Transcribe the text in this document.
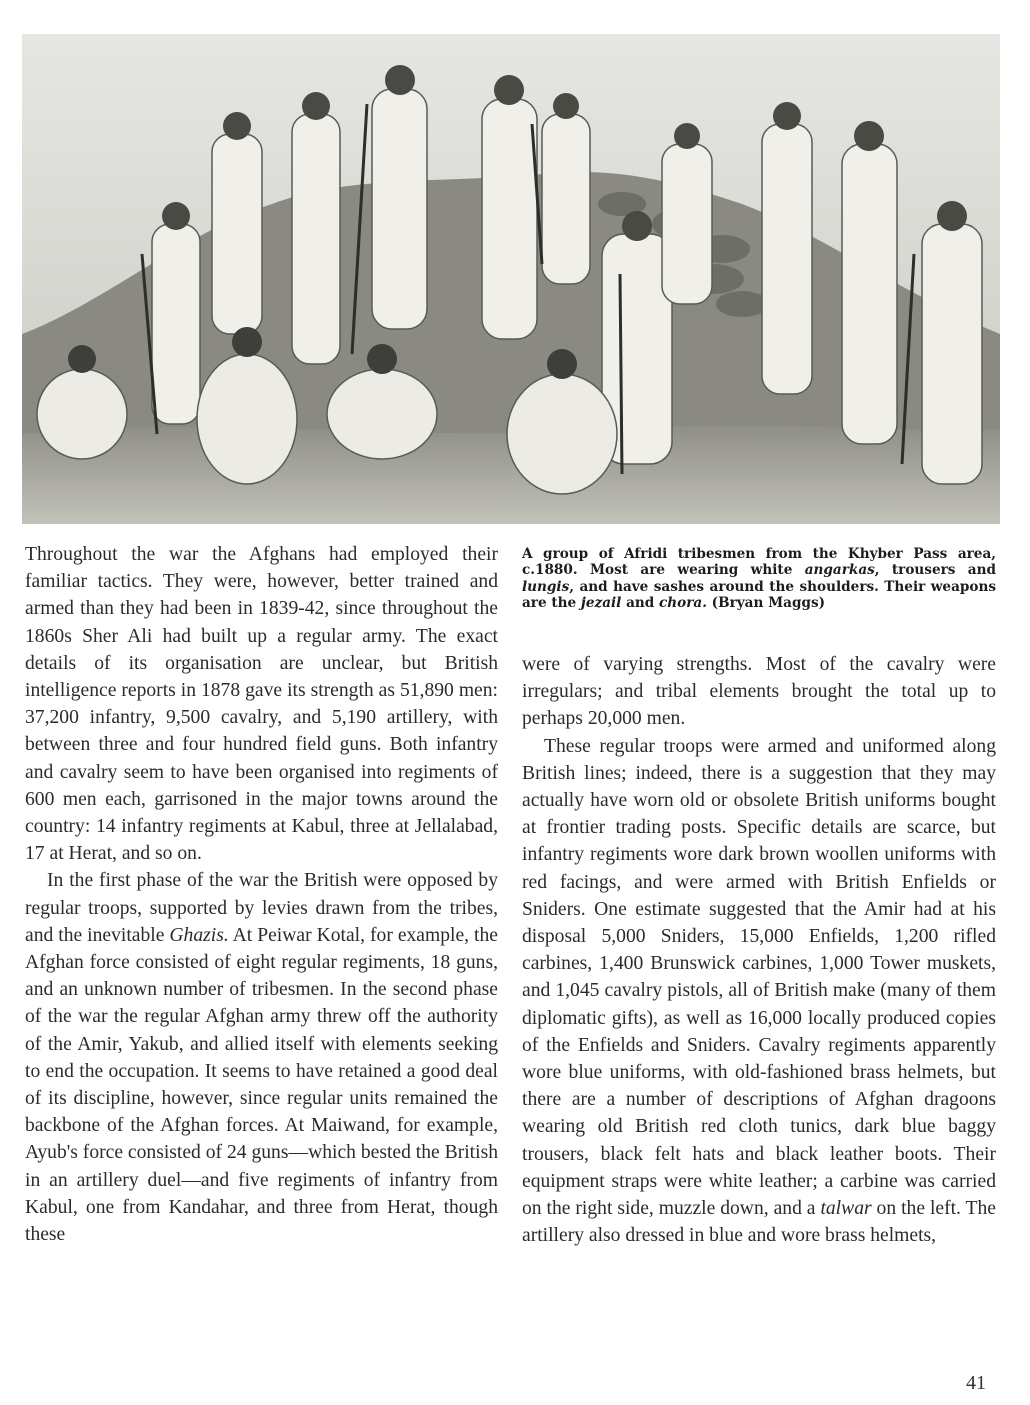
Throughout the war the Afghans had employed their familiar tactics. They were, however, better trained and armed than they had been in 1839-42, since throughout the 1860s Sher Ali had built up a regular army. The exact details of its organisation are unclear, but British intelligence reports in 1878 gave its strength as 51,890 men: 37,200 infantry, 9,500 cavalry, and 5,190 artillery, with between three and four hundred field guns. Both infantry and cavalry seem to have been organised into regiments of 600 men each, garrisoned in the major towns around the country: 14 infantry regiments at Kabul, three at Jellalabad, 17 at Herat, and so on.

In the first phase of the war the British were opposed by regular troops, supported by levies drawn from the tribes, and the inevitable Ghazis. At Peiwar Kotal, for example, the Afghan force consisted of eight regular regiments, 18 guns, and an unknown number of tribesmen. In the second phase of the war the regular Afghan army threw off the authority of the Amir, Yakub, and allied itself with elements seeking to end the occupation. It seems to have retained a good deal of its discipline, however, since regular units remained the backbone of the Afghan forces. At Maiwand, for example, Ayub's force consisted of 24 guns—which bested the British in an artillery duel—and five regiments of infantry from Kabul, one from Kandahar, and three from Herat, though these

A group of Afridi tribesmen from the Khyber Pass area, c.1880. Most are wearing white angarkas, trousers and lungis, and have sashes around the shoulders. Their weapons are the jezail and chora. (Bryan Maggs)

were of varying strengths. Most of the cavalry were irregulars; and tribal elements brought the total up to perhaps 20,000 men.

These regular troops were armed and uniformed along British lines; indeed, there is a suggestion that they may actually have worn old or obsolete British uniforms bought at frontier trading posts. Specific details are scarce, but infantry regiments wore dark brown woollen uniforms with red facings, and were armed with British Enfields or Sniders. One estimate suggested that the Amir had at his disposal 5,000 Sniders, 15,000 Enfields, 1,200 rifled carbines, 1,400 Brunswick carbines, 1,000 Tower muskets, and 1,045 cavalry pistols, all of British make (many of them diplomatic gifts), as well as 16,000 locally produced copies of the Enfields and Sniders. Cavalry regiments apparently wore blue uniforms, with old-fashioned brass helmets, but there are a number of descriptions of Afghan dragoons wearing old British red cloth tunics, dark blue baggy trousers, black felt hats and black leather boots. Their equipment straps were white leather; a carbine was carried on the right side, muzzle down, and a talwar on the left. The artillery also dressed in blue and wore brass helmets,

41
